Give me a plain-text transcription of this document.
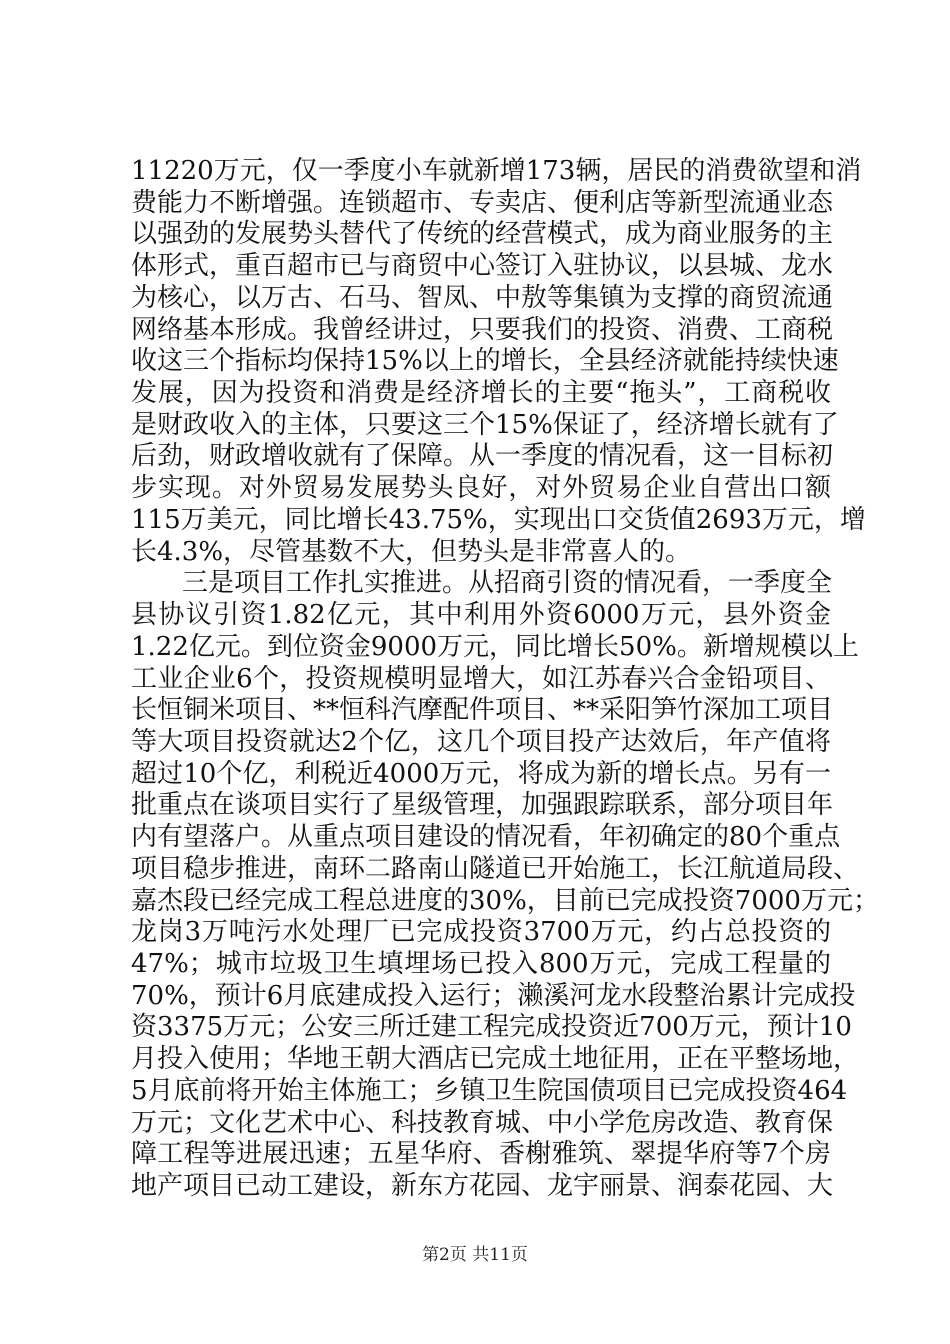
11220万元，仅一季度小车就新增173辆，居民的消费欲望和消
费能力不断增强。连锁超市、专卖店、便利店等新型流通业态
以强劲的发展势头替代了传统的经营模式，成为商业服务的主
体形式，重百超市已与商贸中心签订入驻协议，以县城、龙水
为核心，以万古、石马、智凤、中敖等集镇为支撑的商贸流通
网络基本形成。我曾经讲过，只要我们的投资、消费、工商税
收这三个指标均保持15%以上的增长，全县经济就能持续快速
发展，因为投资和消费是经济增长的主要“拖头”，工商税收
是财政收入的主体，只要这三个15%保证了，经济增长就有了
后劲，财政增收就有了保障。从一季度的情况看，这一目标初
步实现。对外贸易发展势头良好，对外贸易企业自营出口额
115万美元，同比增长43.75%，实现出口交货值2693万元，增
长4.3%，尽管基数不大，但势头是非常喜人的。
三是项目工作扎实推进。从招商引资的情况看，一季度全
县协议引资1.82亿元，其中利用外资6000万元，县外资金
1.22亿元。到位资金9000万元，同比增长50%。新增规模以上
工业企业6个，投资规模明显增大，如江苏春兴合金铅项目、
长恒铜米项目、**恒科汽摩配件项目、**采阳笋竹深加工项目
等大项目投资就达2个亿，这几个项目投产达效后，年产值将
超过10个亿，利税近4000万元，将成为新的增长点。另有一
批重点在谈项目实行了星级管理，加强跟踪联系，部分项目年
内有望落户。从重点项目建设的情况看，年初确定的80个重点
项目稳步推进，南环二路南山隧道已开始施工，长江航道局段、
嘉杰段已经完成工程总进度的30%，目前已完成投资7000万元；
龙岗3万吨污水处理厂已完成投资3700万元，约占总投资的
47%；城市垃圾卫生填埋场已投入800万元，完成工程量的
70%，预计6月底建成投入运行；濑溪河龙水段整治累计完成投
资3375万元；公安三所迁建工程完成投资近700万元，预计10
月投入使用；华地王朝大酒店已完成土地征用，正在平整场地，
5月底前将开始主体施工；乡镇卫生院国债项目已完成投资464
万元；文化艺术中心、科技教育城、中小学危房改造、教育保
障工程等进展迅速；五星华府、香榭雅筑、翠提华府等7个房
地产项目已动工建设，新东方花园、龙宇丽景、润泰花园、大
第2页 共11页
